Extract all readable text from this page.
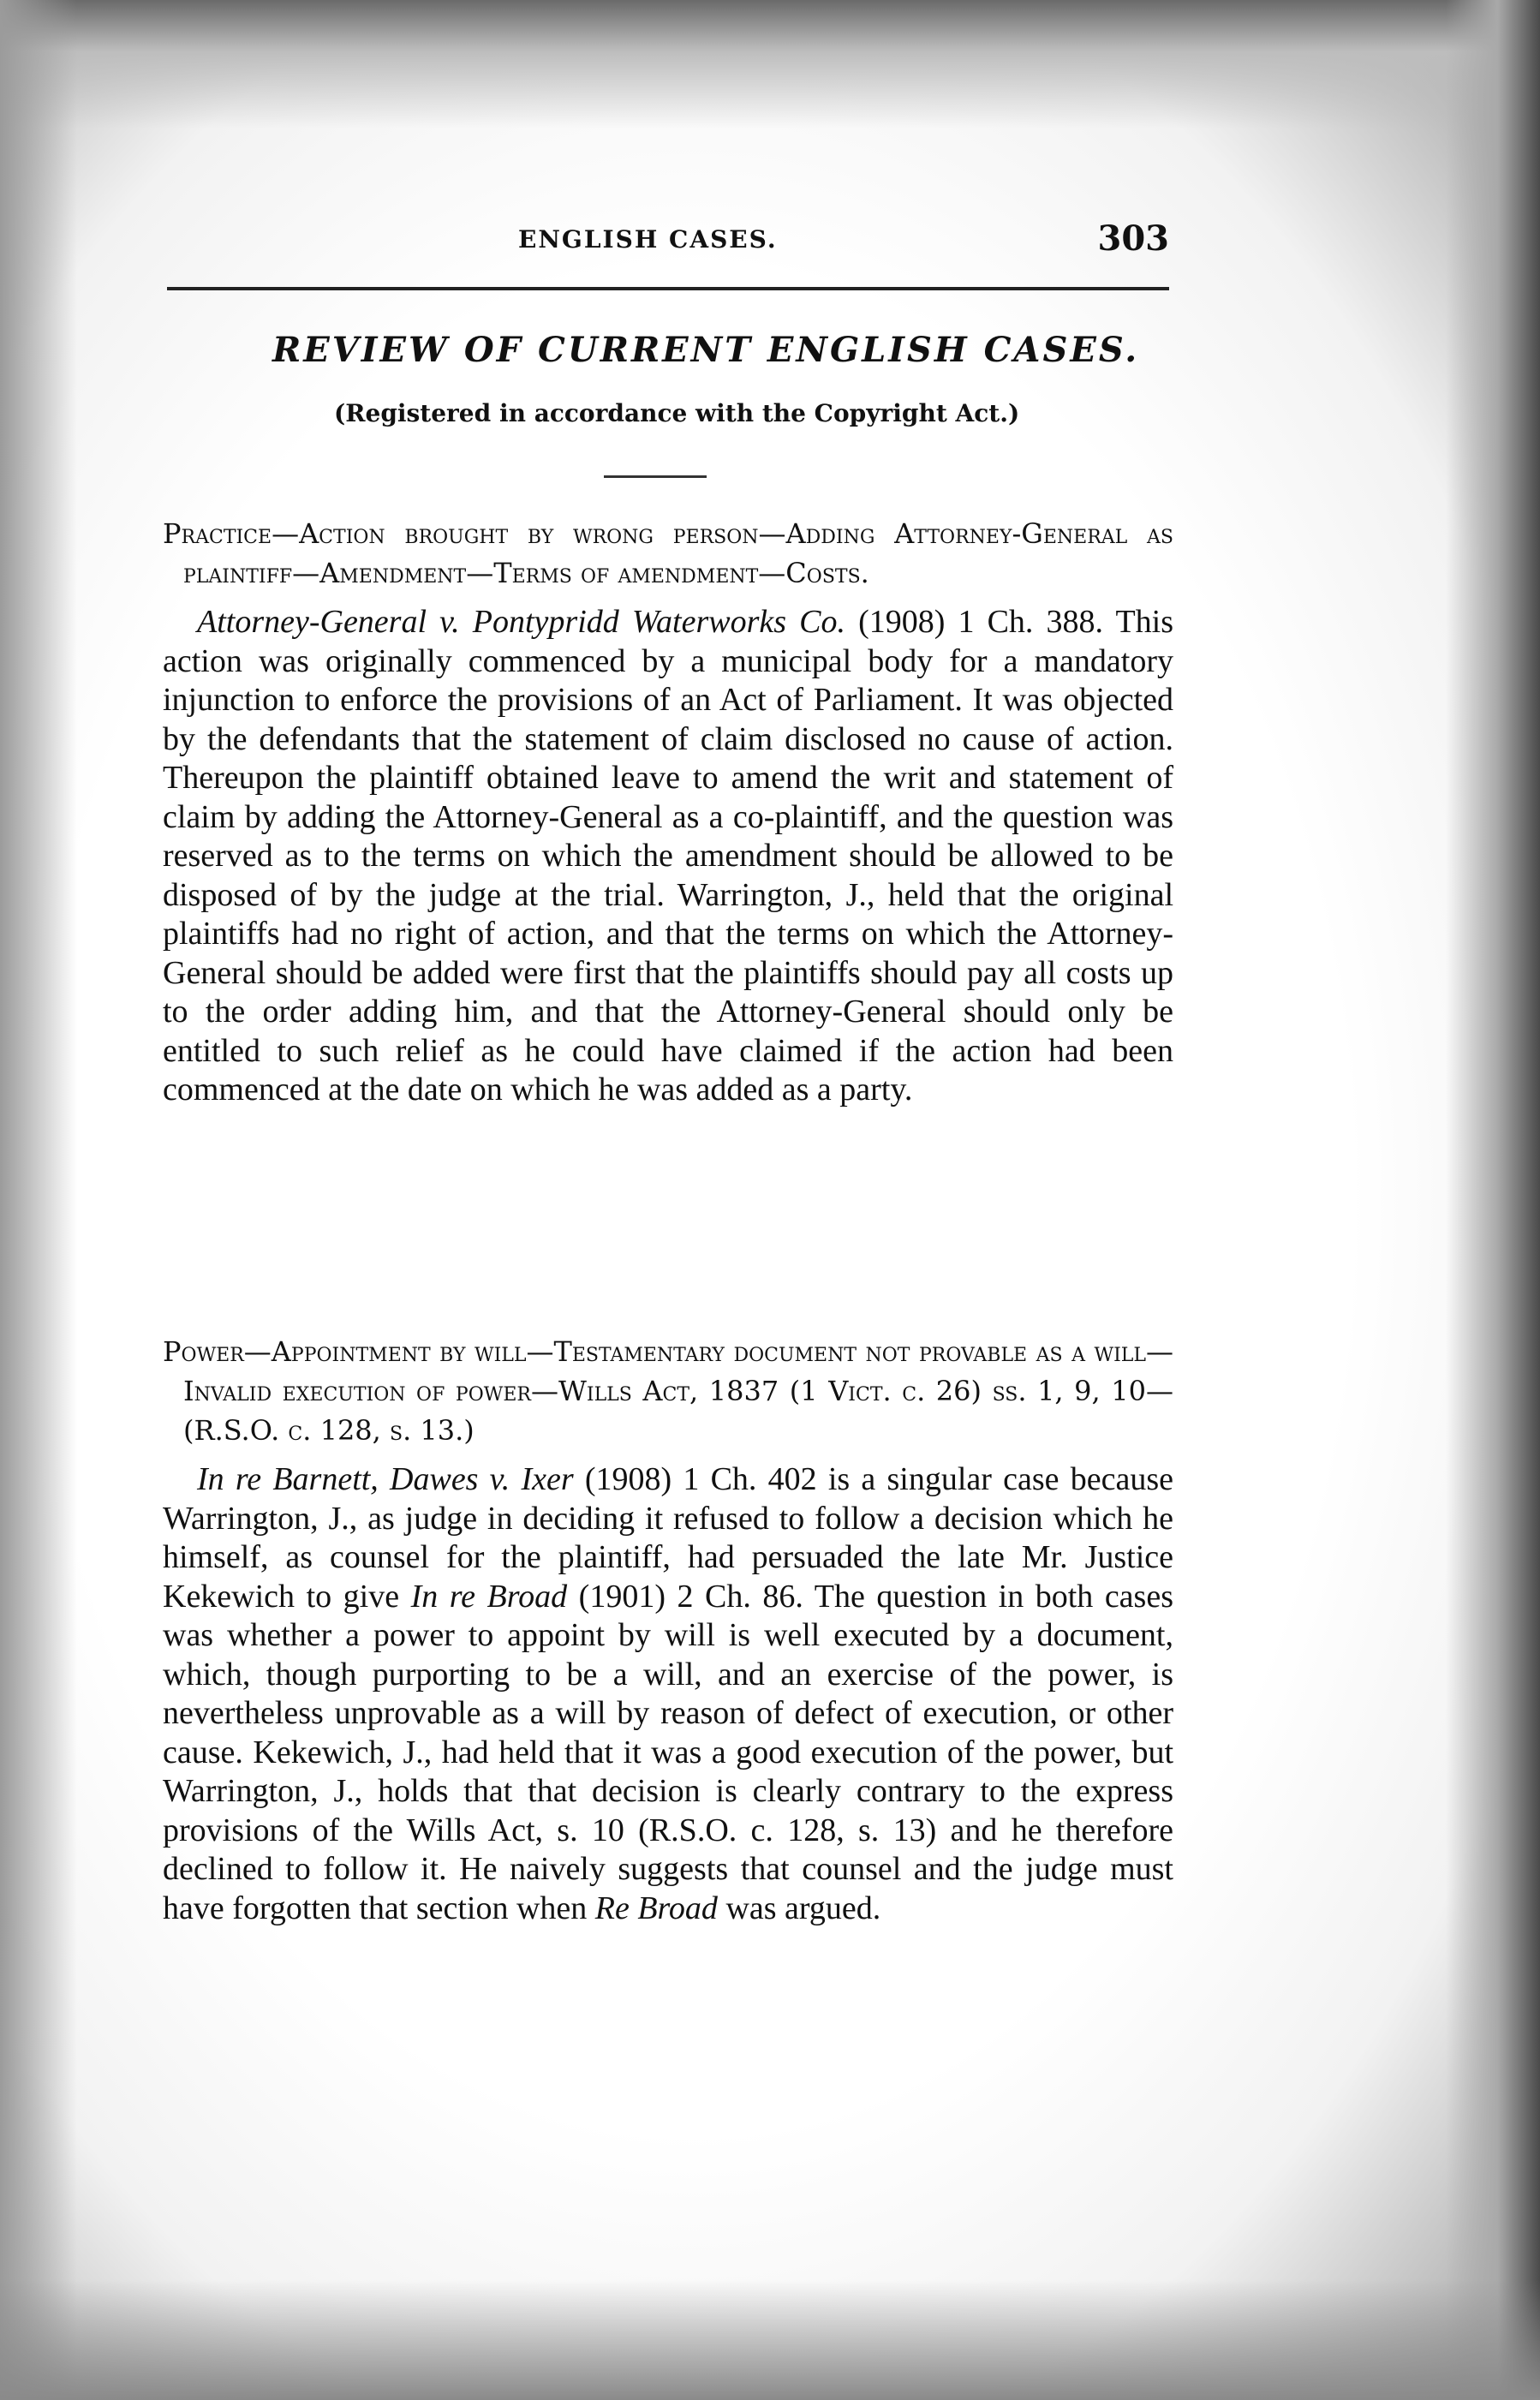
ENGLISH CASES.	303
REVIEW OF CURRENT ENGLISH CASES.
(Registered in accordance with the Copyright Act.)

Practice—Action brought by wrong person—Adding Attorney-General as plaintiff—Amendment—Terms of amendment—Costs.

Attorney-General v. Pontypridd Waterworks Co. (1908) 1 Ch. 388. This action was originally commenced by a municipal body for a mandatory injunction to enforce the provisions of an Act of Parliament. It was objected by the defendants that the statement of claim disclosed no cause of action. Thereupon the plaintiff obtained leave to amend the writ and statement of claim by adding the Attorney-General as a co-plaintiff, and the question was reserved as to the terms on which the amendment should be allowed to be disposed of by the judge at the trial. Warrington, J., held that the original plaintiffs had no right of action, and that the terms on which the Attorney-General should be added were first that the plaintiffs should pay all costs up to the order adding him, and that the Attorney-General should only be entitled to such relief as he could have claimed if the action had been commenced at the date on which he was added as a party.

Power—Appointment by will—Testamentary document not provable as a will—Invalid execution of power—Wills Act, 1837 (1 Vict. c. 26) ss. 1, 9, 10—(R.S.O. c. 128, s. 13.)

In re Barnett, Dawes v. Ixer (1908) 1 Ch. 402 is a singular case because Warrington, J., as judge in deciding it refused to follow a decision which he himself, as counsel for the plaintiff, had persuaded the late Mr. Justice Kekewich to give In re Broad (1901) 2 Ch. 86. The question in both cases was whether a power to appoint by will is well executed by a document, which, though purporting to be a will, and an exercise of the power, is nevertheless unprovable as a will by reason of defect of execution, or other cause. Kekewich, J., had held that it was a good execution of the power, but Warrington, J., holds that that decision is clearly contrary to the express provisions of the Wills Act, s. 10 (R.S.O. c. 128, s. 13) and he therefore declined to follow it. He naively suggests that counsel and the judge must have forgotten that section when Re Broad was argued.
